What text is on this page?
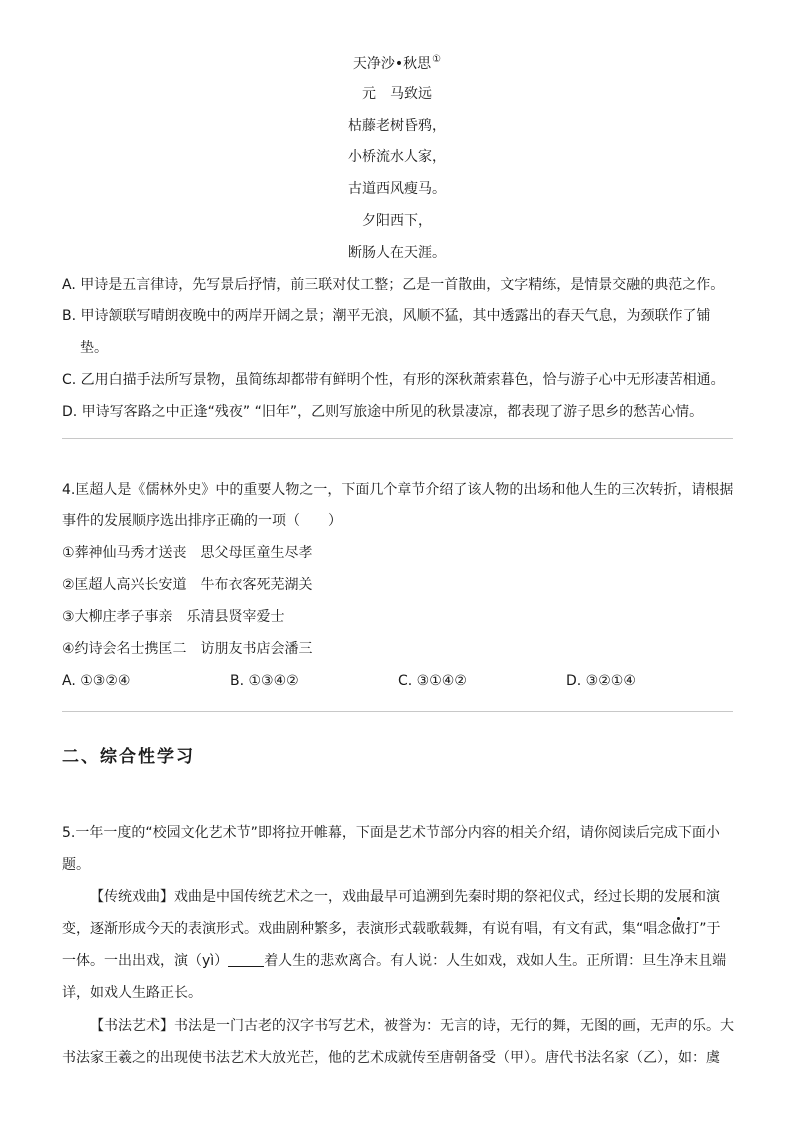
天净沙•秋思①
元　马致远
枯藤老树昏鸦，
小桥流水人家，
古道西风瘦马。
夕阳西下，
断肠人在天涯。
A. 甲诗是五言律诗，先写景后抒情，前三联对仗工整；乙是一首散曲，文字精练，是情景交融的典范之作。
B. 甲诗颔联写晴朗夜晚中的两岸开阔之景；潮平无浪，风顺不猛，其中透露出的春天气息，为颈联作了铺
垫。
C. 乙用白描手法所写景物，虽简练却都带有鲜明个性，有形的深秋萧索暮色，恰与游子心中无形凄苦相通。
D. 甲诗写客路之中正逢“残夜” “旧年”，乙则写旅途中所见的秋景凄凉，都表现了游子思乡的愁苦心情。
4.匡超人是《儒林外史》中的重要人物之一，下面几个章节介绍了该人物的出场和他人生的三次转折，请根据
事件的发展顺序选出排序正确的一项（　　）
①葬神仙马秀才送丧　思父母匡童生尽孝
②匡超人高兴长安道　牛布衣客死芜湖关
③大柳庄孝子事亲　乐清县贤宰爱士
④约诗会名士携匡二　访朋友书店会潘三
A. ①③②④	B. ①③④②	C. ③①④②	D. ③②①④
二、综合性学习
5.一年一度的“校园文化艺术节”即将拉开帷幕，下面是艺术节部分内容的相关介绍，请你阅读后完成下面小
题。
【传统戏曲】戏曲是中国传统艺术之一，戏曲最早可追溯到先秦时期的祭祀仪式，经过长期的发展和演
变，逐渐形成今天的表演形式。戏曲剧种繁多，表演形式载歌载舞，有说有唱，有文有武，集“唱念做打”于
一体。一出出戏，演（yì）	着人生的悲欢离合。有人说：人生如戏，戏如人生。正所谓：旦生净末且端
详，如戏人生路正长。
【书法艺术】书法是一门古老的汉字书写艺术，被誉为：无言的诗，无行的舞，无图的画，无声的乐。大
书法家王羲之的出现使书法艺术大放光芒，他的艺术成就传至唐朝备受（甲）。唐代书法名家（乙），如：虞
